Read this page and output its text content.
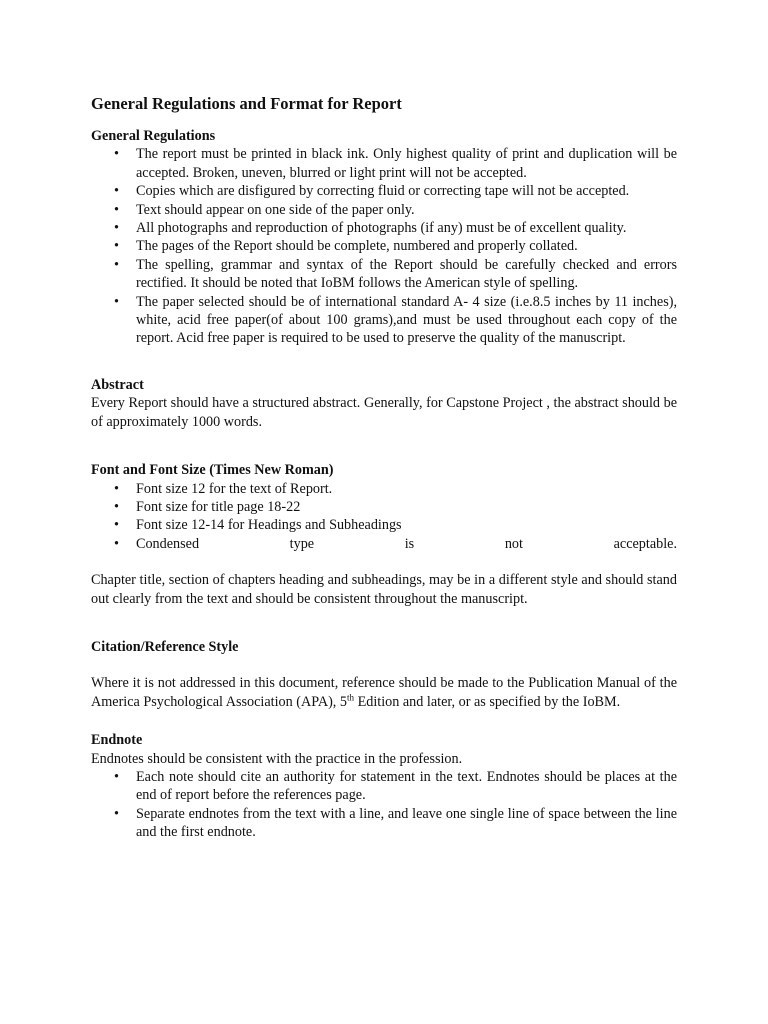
General Regulations and Format for Report
General Regulations
• The report must be printed in black ink. Only highest quality of print and duplication will be accepted. Broken, uneven, blurred or light print will not be accepted.
• Copies which are disfigured by correcting fluid or correcting tape will not be accepted.
• Text should appear on one side of the paper only.
• All photographs and reproduction of photographs (if any) must be of excellent quality.
• The pages of the Report should be complete, numbered and properly collated.
• The spelling, grammar and syntax of the Report should be carefully checked and errors rectified. It should be noted that IoBM follows the American style of spelling.
• The paper selected should be of international standard A- 4 size (i.e.8.5 inches by 11 inches), white, acid free paper(of about 100 grams),and must be used throughout each copy of the report. Acid free paper is required to be used to preserve the quality of the manuscript.
Abstract

Every Report should have a structured abstract. Generally, for Capstone Project , the abstract should be of approximately 1000 words.

Font and Font Size (Times New Roman)
• Font size 12 for the text of Report.
• Font size for title page 18-22
• Font size 12-14 for Headings and Subheadings
• Condensed type is not acceptable.

Chapter title, section of chapters heading and subheadings, may be in a different style and should stand out clearly from the text and should be consistent throughout the manuscript.

Citation/Reference Style

Where it is not addressed in this document, reference should be made to the Publication Manual of the America Psychological Association (APA), 5th Edition and later, or as specified by the IoBM.

Endnote

Endnotes should be consistent with the practice in the profession.

• Each note should cite an authority for statement in the text. Endnotes should be places at the end of report before the references page.
• Separate endnotes from the text with a line, and leave one single line of space between the line and the first endnote.
